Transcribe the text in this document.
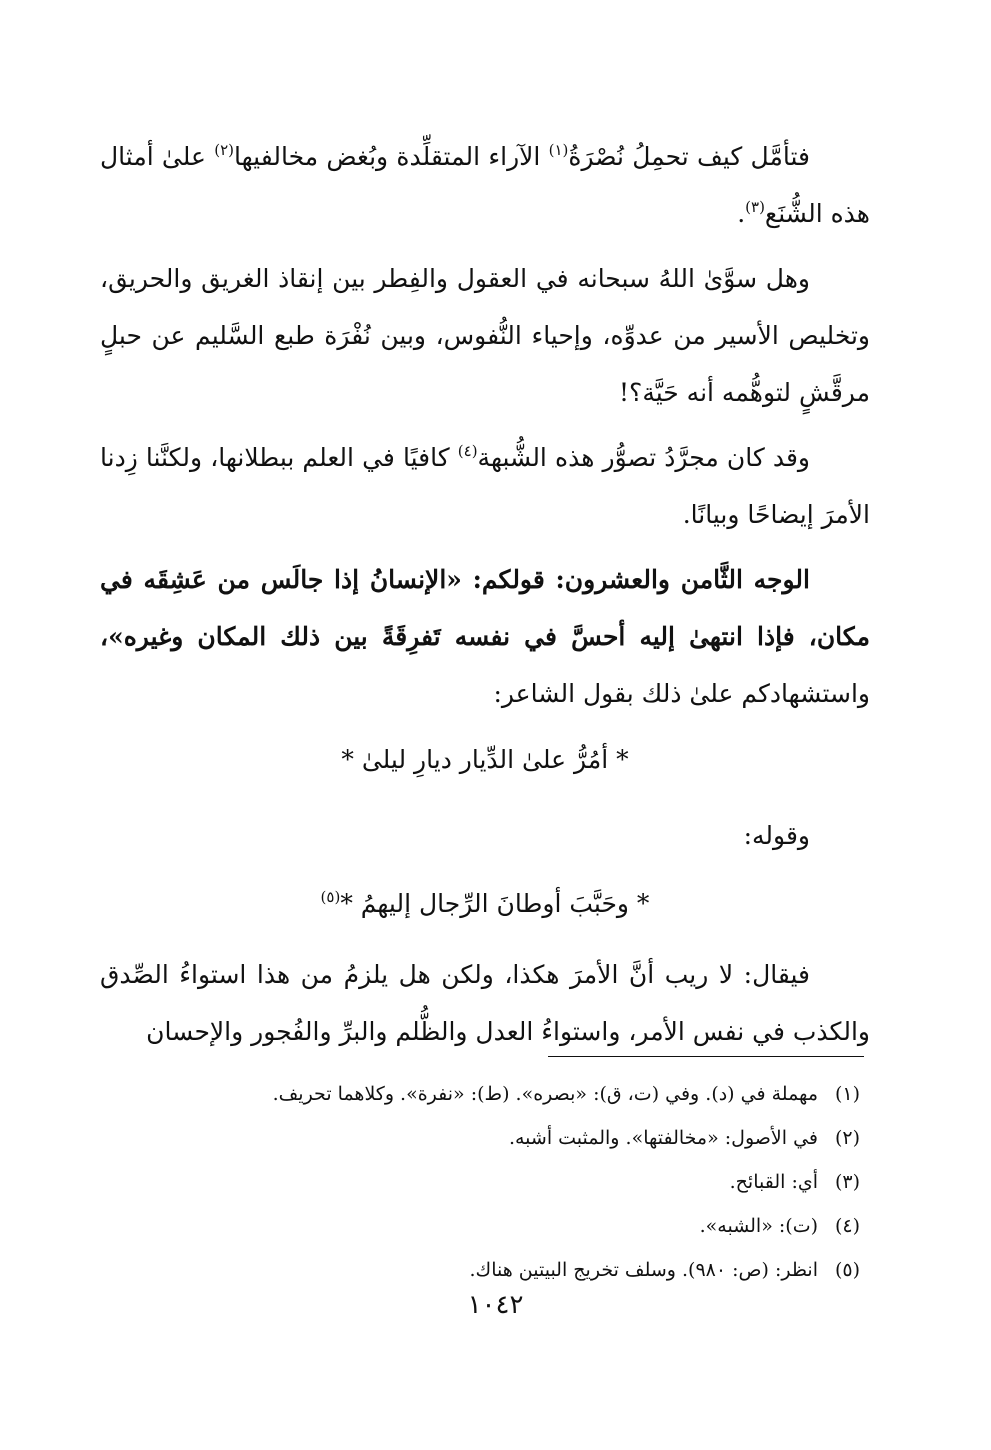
فتأمَّل كيف تحمِلُ نُصْرَةُ$^{(١)}$ الآراء المتقلِّدة وبُغض مخالفيها$^{(٢)}$ علىٰ أمثال هذه الشُّنَع$^{(٣)}$.

وهل سوَّىٰ اللهُ سبحانه في العقول والفِطر بين إنقاذ الغريق والحريق، وتخليص الأسير من عدوِّه، وإحياء النُّفوس، وبين نُفْرَة طبع السَّليم عن حبلٍ مرقَّشٍ لتوهُّمه أنه حَيَّة؟!

وقد كان مجرَّدُ تصوُّر هذه الشُّبهة$^{(٤)}$ كافيًا في العلم ببطلانها، ولكنَّنا زِدنا الأمرَ إيضاحًا وبيانًا.

الوجه الثَّامن والعشرون: قولكم: «الإنسانُ إذا جالَس من عَشِقَه في مكان، فإذا انتهىٰ إليه أحسَّ في نفسه تَفرِقَةً بين ذلك المكان وغيره»، واستشهادكم علىٰ ذلك بقول الشاعر:

* أمُرُّ علىٰ الدِّيار ديارِ ليلىٰ *

وقوله:

* وحَبَّبَ أوطانَ الرِّجال إليهمُ *$^{(٥)}$

فيقال: لا ريب أنَّ الأمرَ هكذا، ولكن هل يلزمُ من هذا استواءُ الصِّدق والكذب في نفس الأمر، واستواءُ العدل والظُّلم والبرِّ والفُجور والإحسان

(١)مهملة في (د). وفي (ت، ق): «بصره». (ط): «نفرة». وكلاهما تحريف.

(٢)في الأصول: «مخالفتها». والمثبت أشبه.

(٣)أي: القبائح.

(٤)(ت): «الشبه».

(٥)انظر: (ص: ٩٨٠). وسلف تخريج البيتين هناك.

١٠٤٢
